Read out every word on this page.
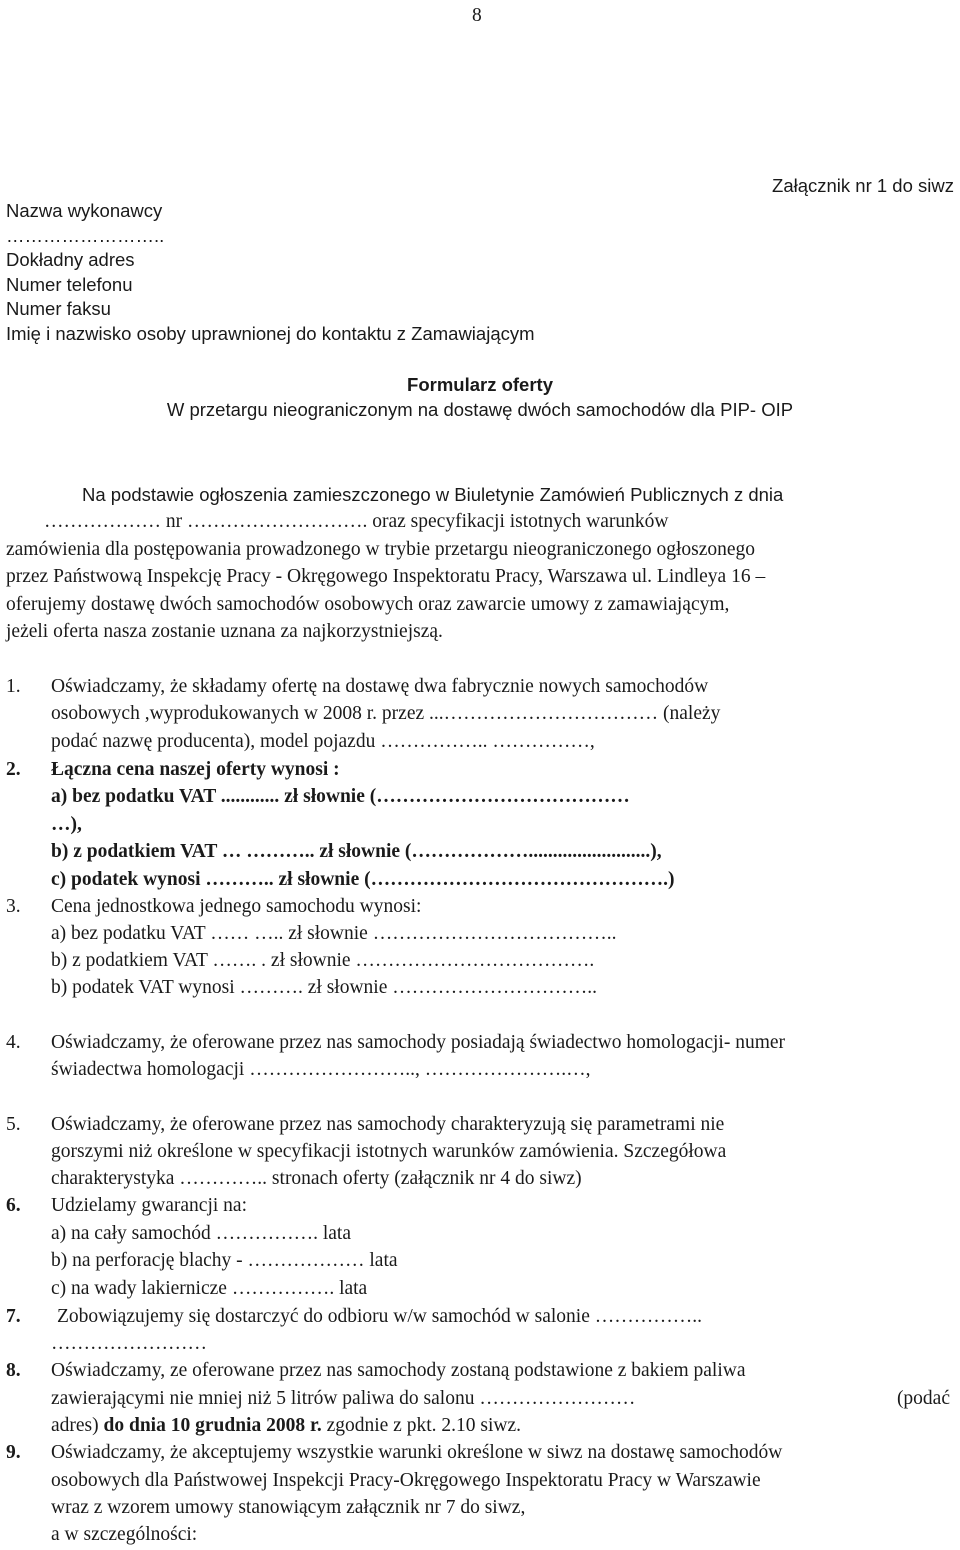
8
Załącznik nr 1 do siwz
Nazwa wykonawcy
……………………..
Dokładny adres
Numer telefonu
Numer faksu
Imię i nazwisko osoby uprawnionej do kontaktu z Zamawiającym
Formularz oferty
W przetargu nieograniczonym na dostawę dwóch samochodów dla PIP- OIP
Na podstawie ogłoszenia zamieszczonego w Biuletynie Zamówień Publicznych z dnia
……………… nr ………………………. oraz specyfikacji istotnych warunków
zamówienia dla postępowania prowadzonego w trybie przetargu nieograniczonego ogłoszonego
przez Państwową Inspekcję Pracy - Okręgowego Inspektoratu Pracy, Warszawa ul. Lindleya 16 –
oferujemy dostawę dwóch samochodów osobowych oraz zawarcie umowy z zamawiającym,
jeżeli oferta nasza zostanie uznana za najkorzystniejszą.
1. Oświadczamy, że składamy ofertę na dostawę dwa fabrycznie nowych samochodów
osobowych ,wyprodukowanych w 2008 r. przez ...…………………………… (należy
podać nazwę producenta), model pojazdu …………….. ……………,
2. Łączna cena naszej oferty wynosi :
a) bez podatku VAT ............ zł słownie (…………………………………
…),
b) z podatkiem VAT … ……….. zł słownie (……………….........................),
c) podatek wynosi ……….. zł słownie (……………………………………….)
3. Cena jednostkowa jednego samochodu wynosi:
a) bez podatku VAT …… ….. zł słownie ………………………………..
b) z podatkiem VAT ……. . zł słownie ……………………………….
b) podatek VAT wynosi ………. zł słownie …………………………..
4. Oświadczamy, że oferowane przez nas samochody posiadają świadectwo homologacji- numer
świadectwa homologacji …………………….., ………………….…,
5. Oświadczamy, że oferowane przez nas samochody charakteryzują się parametrami nie
gorszymi niż określone w specyfikacji istotnych warunków zamówienia. Szczegółowa
charakterystyka ………….. stronach oferty (załącznik nr 4 do siwz)
6. Udzielamy gwarancji na:
a) na cały samochód ……………. lata
b) na perforację blachy - ……………… lata
c) na wady lakiernicze ……………. lata
7. Zobowiązujemy się dostarczyć do odbioru w/w samochód w salonie ……………..
……………………
8. Oświadczamy, ze oferowane przez nas samochody zostaną podstawione z bakiem paliwa
zawierającymi nie mniej niż 5 litrów paliwa do salonu ……………………	(podać
adres) do dnia 10 grudnia 2008 r. zgodnie z pkt. 2.10 siwz.
9. Oświadczamy, że akceptujemy wszystkie warunki określone w siwz na dostawę samochodów
osobowych dla Państwowej Inspekcji Pracy-Okręgowego Inspektoratu Pracy w Warszawie
wraz z wzorem umowy stanowiącym załącznik nr 7 do siwz,
a w szczególności:
